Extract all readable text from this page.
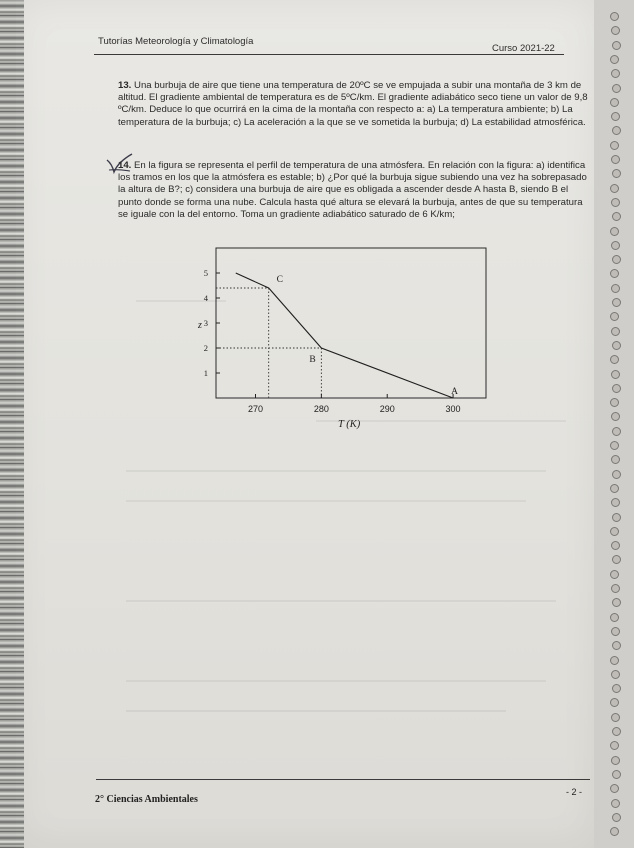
Tutorías Meteorología y Climatología
Curso 2021-22
13. Una burbuja de aire que tiene una temperatura de 20ºC se ve empujada a subir una montaña de 3 km de altitud. El gradiente ambiental de temperatura es de 5ºC/km. El gradiente adiabático seco tiene un valor de 9,8 ºC/km. Deduce lo que ocurrirá en la cima de la montaña con respecto a: a) La temperatura ambiente; b) La temperatura de la burbuja; c) La aceleración a la que se ve sometida la burbuja; d) La estabilidad atmosférica.
14. En la figura se representa el perfil de temperatura de una atmósfera. En relación con la figura: a) identifica los tramos en los que la atmósfera es estable; b) ¿Por qué la burbuja sigue subiendo una vez ha sobrepasado la altura de B?; c) considera una burbuja de aire que es obligada a ascender desde A hasta B, siendo B el punto donde se forma una nube. Calcula hasta qué altura se elevará la burbuja, antes de que su temperatura se iguale con la del entorno. Toma un gradiente adiabático saturado de 6 K/km;
1
2
3
4
5
270	280	290	300
C
B
A
z
T (K)
2° Ciencias Ambientales
- 2 -
